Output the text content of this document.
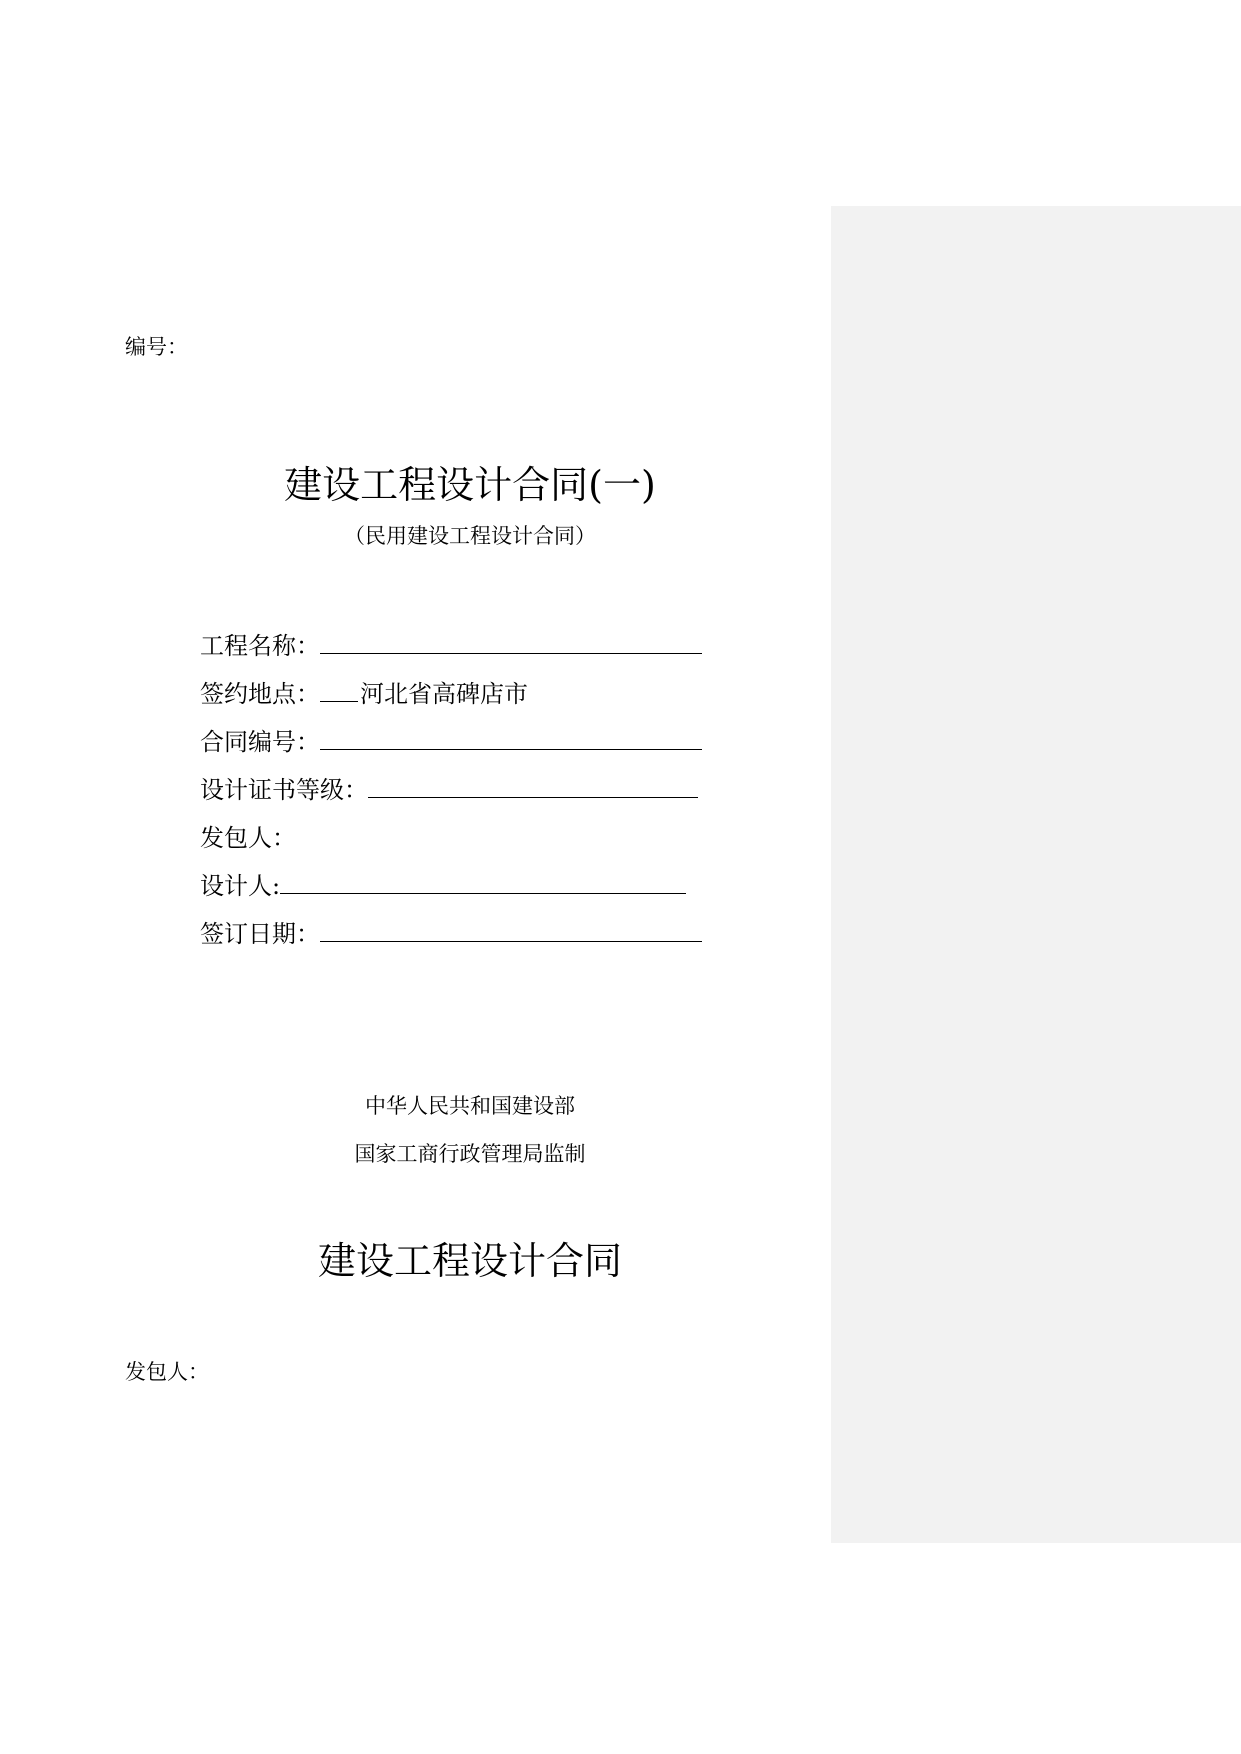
编号：
建设工程设计合同(一)
（民用建设工程设计合同）
工程名称：
签约地点： 河北省高碑店市
合同编号：
设计证书等级：
发包人：
设计人:
签订日期：
中华人民共和国建设部
国家工商行政管理局监制
建设工程设计合同
发包人：
